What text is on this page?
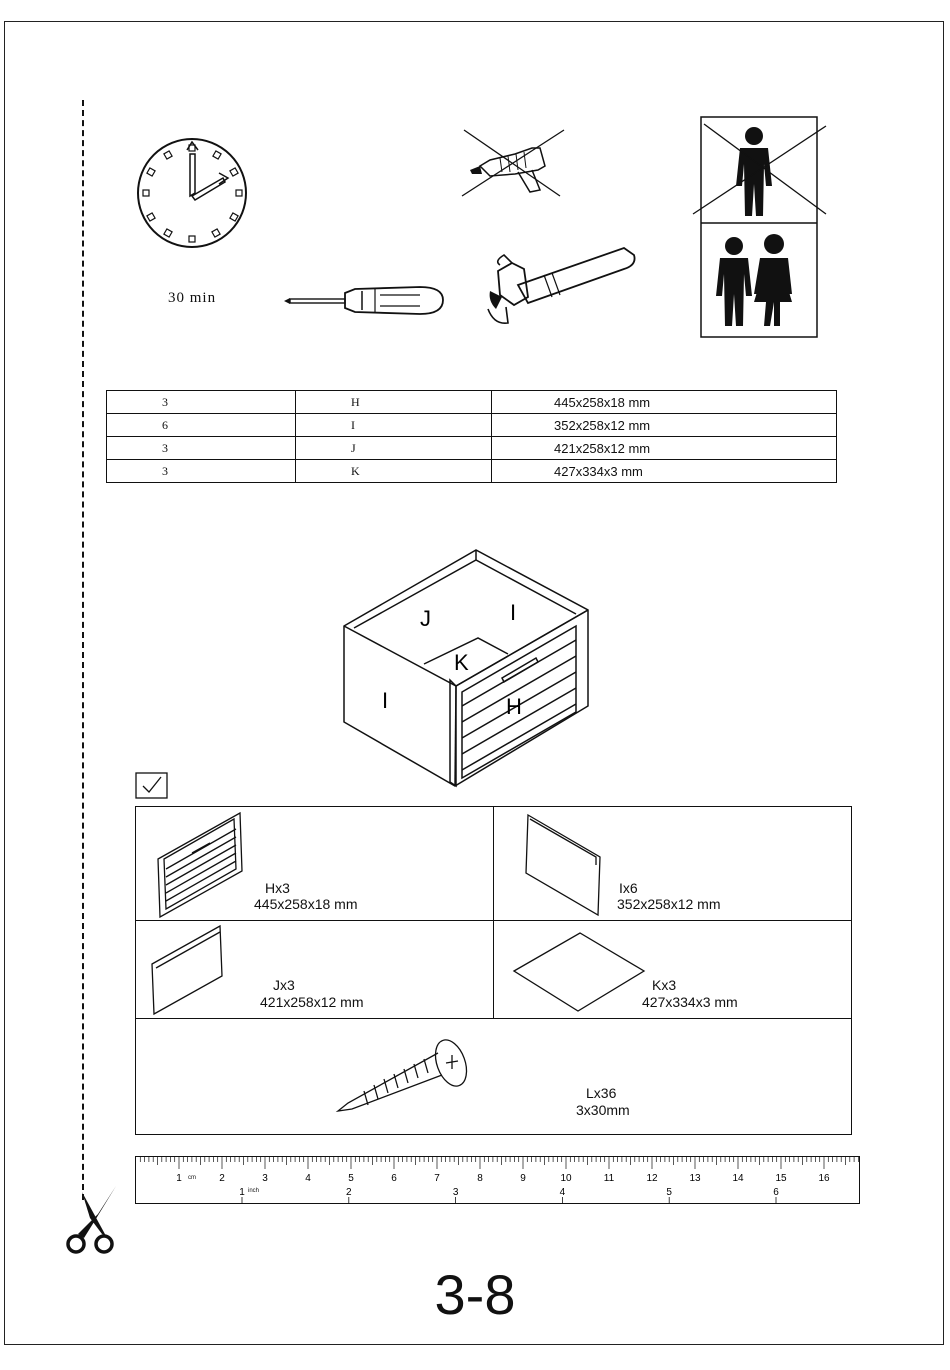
30 min
3	H	445x258x18 mm
6	I	352x258x12 mm
3	J	421x258x12 mm
3	K	427x334x3 mm
J	I
K
I	H
Hx3
445x258x18 mm
Ix6
352x258x12 mm
Jx3
421x258x12 mm
Kx3
427x334x3 mm
Lx36
3x30mm
1	2	3	4	5	6	7	8	9	10	11	12	13	14	15	16
1	2	3	4	5	6
cm
inch
3-8
